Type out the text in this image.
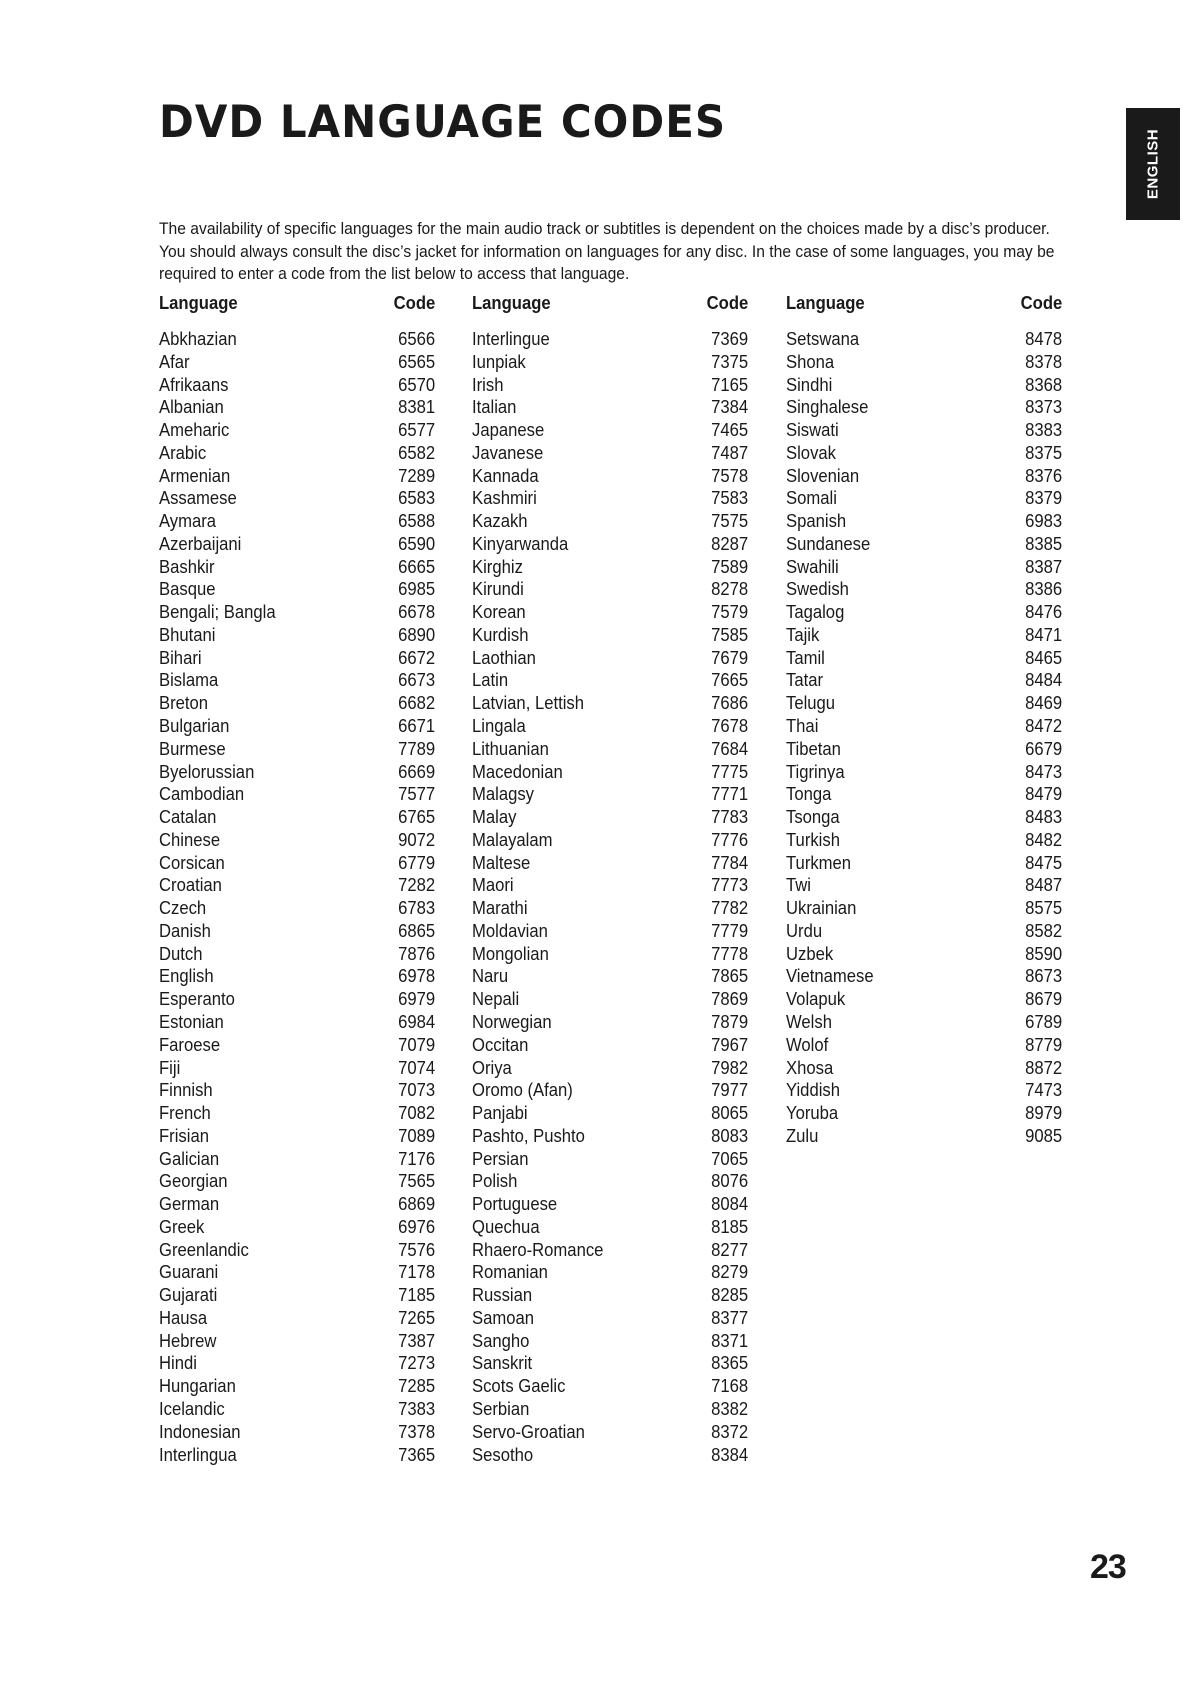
DVD LANGUAGE CODES
ENGLISH

The availability of specific languages for the main audio track or subtitles is dependent on the choices made by a disc’s producer. You should always consult the disc’s jacket for information on languages for any disc. In the case of some languages, you may be required to enter a code from the list below to access that language.

Language	Code
Abkhazian	6566
Afar	6565
Afrikaans	6570
Albanian	8381
Ameharic	6577
Arabic	6582
Armenian	7289
Assamese	6583
Aymara	6588
Azerbaijani	6590
Bashkir	6665
Basque	6985
Bengali; Bangla	6678
Bhutani	6890
Bihari	6672
Bislama	6673
Breton	6682
Bulgarian	6671
Burmese	7789
Byelorussian	6669
Cambodian	7577
Catalan	6765
Chinese	9072
Corsican	6779
Croatian	7282
Czech	6783
Danish	6865
Dutch	7876
English	6978
Esperanto	6979
Estonian	6984
Faroese	7079
Fiji	7074
Finnish	7073
French	7082
Frisian	7089
Galician	7176
Georgian	7565
German	6869
Greek	6976
Greenlandic	7576
Guarani	7178
Gujarati	7185
Hausa	7265
Hebrew	7387
Hindi	7273
Hungarian	7285
Icelandic	7383
Indonesian	7378
Interlingua	7365
Language	Code
Interlingue	7369
Iunpiak	7375
Irish	7165
Italian	7384
Japanese	7465
Javanese	7487
Kannada	7578
Kashmiri	7583
Kazakh	7575
Kinyarwanda	8287
Kirghiz	7589
Kirundi	8278
Korean	7579
Kurdish	7585
Laothian	7679
Latin	7665
Latvian, Lettish	7686
Lingala	7678
Lithuanian	7684
Macedonian	7775
Malagsy	7771
Malay	7783
Malayalam	7776
Maltese	7784
Maori	7773
Marathi	7782
Moldavian	7779
Mongolian	7778
Naru	7865
Nepali	7869
Norwegian	7879
Occitan	7967
Oriya	7982
Oromo (Afan)	7977
Panjabi	8065
Pashto, Pushto	8083
Persian	7065
Polish	8076
Portuguese	8084
Quechua	8185
Rhaero-Romance	8277
Romanian	8279
Russian	8285
Samoan	8377
Sangho	8371
Sanskrit	8365
Scots Gaelic	7168
Serbian	8382
Servo-Groatian	8372
Sesotho	8384
Language	Code
Setswana	8478
Shona	8378
Sindhi	8368
Singhalese	8373
Siswati	8383
Slovak	8375
Slovenian	8376
Somali	8379
Spanish	6983
Sundanese	8385
Swahili	8387
Swedish	8386
Tagalog	8476
Tajik	8471
Tamil	8465
Tatar	8484
Telugu	8469
Thai	8472
Tibetan	6679
Tigrinya	8473
Tonga	8479
Tsonga	8483
Turkish	8482
Turkmen	8475
Twi	8487
Ukrainian	8575
Urdu	8582
Uzbek	8590
Vietnamese	8673
Volapuk	8679
Welsh	6789
Wolof	8779
Xhosa	8872
Yiddish	7473
Yoruba	8979
Zulu	9085
23
